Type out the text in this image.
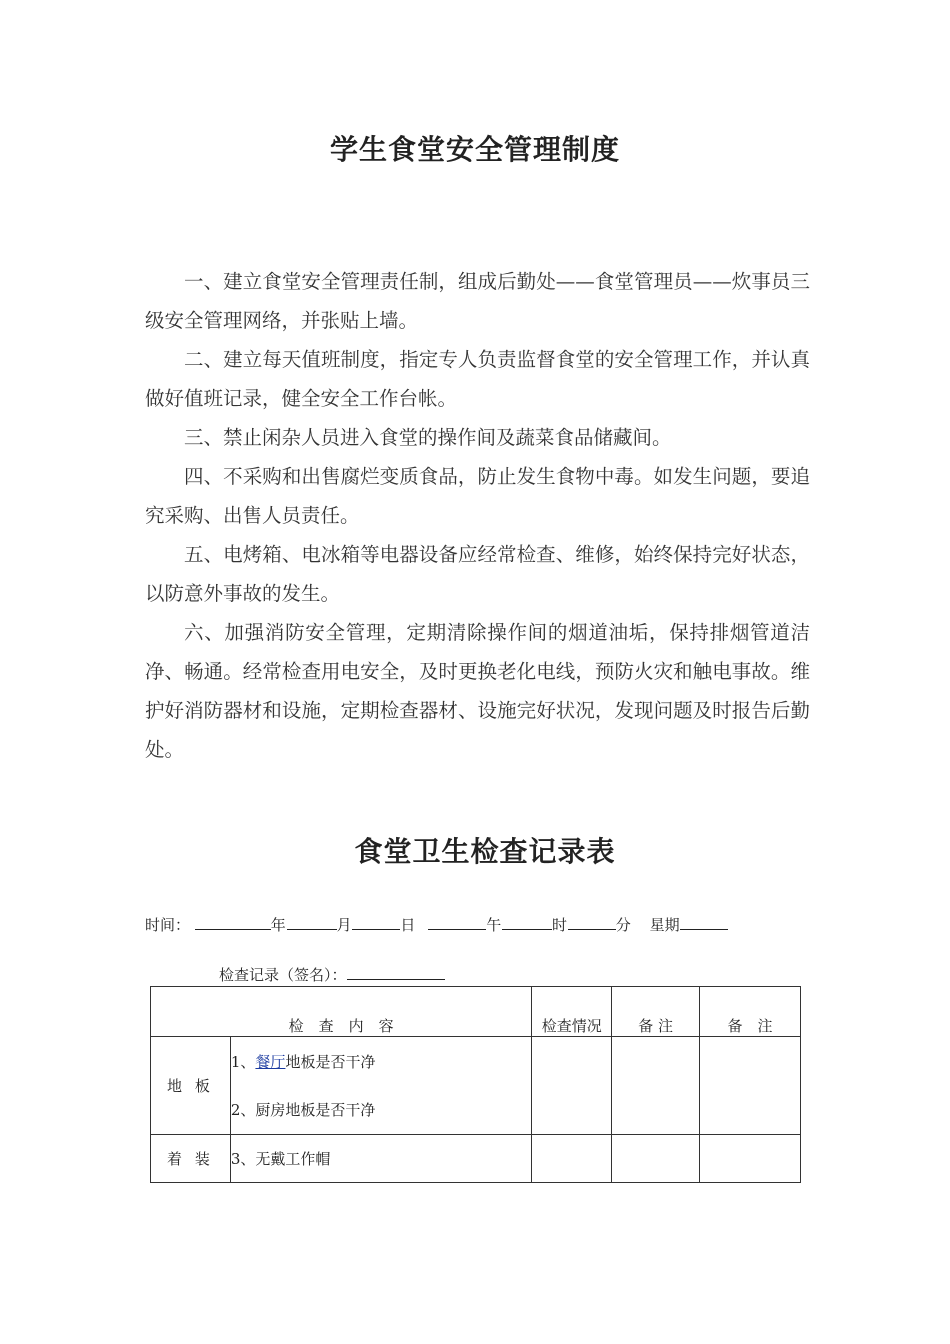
学生食堂安全管理制度

一、建立食堂安全管理责任制，组成后勤处——食堂管理员——炊事员三级安全管理网络，并张贴上墙。

二、建立每天值班制度，指定专人负责监督食堂的安全管理工作，并认真做好值班记录，健全安全工作台帐。

三、禁止闲杂人员进入食堂的操作间及蔬菜食品储藏间。

四、不采购和出售腐烂变质食品，防止发生食物中毒。如发生问题，要追究采购、出售人员责任。

五、电烤箱、电冰箱等电器设备应经常检查、维修，始终保持完好状态，以防意外事故的发生。

六、加强消防安全管理，定期清除操作间的烟道油垢，保持排烟管道洁净、畅通。经常检查用电安全，及时更换老化电线，预防火灾和触电事故。维护好消防器材和设施，定期检查器材、设施完好状况，发现问题及时报告后勤处。

食堂卫生检查记录表
时间：	年	月	日	午	时	分 星期
检查记录（签名）：
检　查　内　容		检查情况	备 注	备　注
地 板	1、餐厅地板是否干净
2、厨房地板是否干净			

着 装	3、无戴工作帽			
